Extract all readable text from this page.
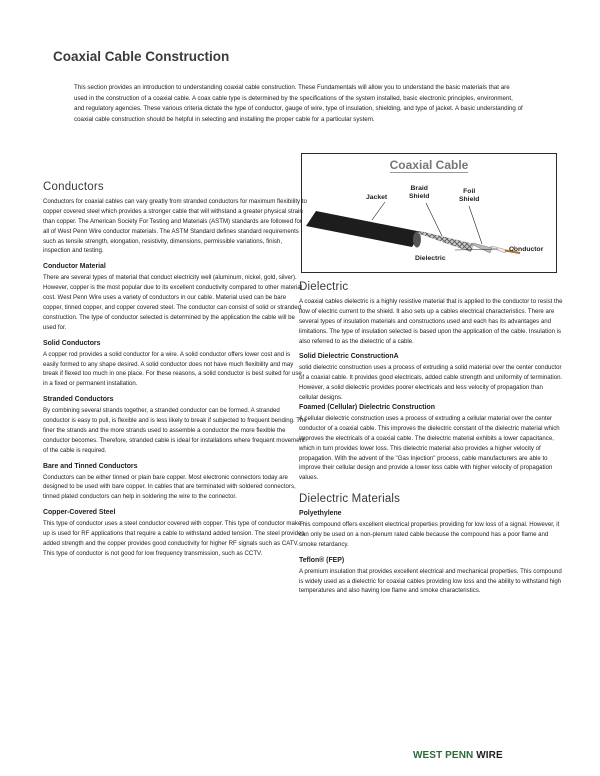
Coaxial Cable Construction

This section provides an introduction to understanding coaxial cable construction. These Fundamentals will allow you to understand the basic materials that are used in the construction of a coaxial cable. A coax cable type is determined by the specifications of the system installed, basic electronic principles, environment, and regulatory agencies. These various criteria dictate the type of conductor, gauge of wire, type of insulation, shielding, and type of jacket. A basic understanding of coaxial cable construction should be helpful in selecting and installing the proper cable for a particular system.

Coaxial Cable
Jacket
Braid
Shield
Foil
Shield
Dielectric
Conductor
Conductors

Conductors for coaxial cables can vary greatly from stranded conductors for maximum flexibility to copper covered steel which provides a stronger cable that will withstand a greater physical strain than copper. The American Society For Testing and Materials (ASTM) standards are followed for all of West Penn Wire conductor materials. The ASTM Standard defines standard requirements such as tensile strength, elongation, resistivity, dimensions, permissible variations, finish, inspection and testing.

Conductor Material

There are several types of material that conduct electricity well (aluminum, nickel, gold, silver). However, copper is the most popular due to its excellent conductivity compared to other material cost. West Penn Wire uses a variety of conductors in our cable. Material used can be bare copper, tinned copper, and copper covered steel. The conductor can consist of solid or stranded construction. The type of conductor selected is determined by the application the cable will be used for.

Solid Conductors

A copper rod provides a solid conductor for a wire. A solid conductor offers lower cost and is easily formed to any shape desired. A solid conductor does not have much flexibility and may break if flexed too much in one place. For these reasons, a solid conductor is best suited for use in a fixed or permanent installation.

Stranded Conductors

By combining several strands together, a stranded conductor can be formed. A stranded conductor is easy to pull, is flexible and is less likely to break if subjected to frequent bending. The finer the strands and the more strands used to assemble a conductor the more flexible the conductor becomes. Therefore, stranded cable is ideal for installations where frequent movement of the cable is required.

Bare and Tinned Conductors

Conductors can be either tinned or plain bare copper. Most electronic connectors today are designed to be used with bare copper. In cables that are terminated with soldered connectors, tinned plated conductors can help in soldering the wire to the connector.

Copper-Covered Steel

This type of conductor uses a steel conductor covered with copper. This type of conductor make-up is used for RF applications that require a cable to withstand added tension. The steel provides added strength and the copper provides good conductivity for higher RF signals such as CATV. This type of conductor is not good for low frequency transmission, such as CCTV.

Dielectric

A coaxial cables dielectric is a highly resistive material that is applied to the conductor to resist the flow of electric current to the shield. It also sets up a cables electrical characteristics. There are several types of insulation materials and constructions used and each has its advantages and limitations. The type of insulation selected is based upon the application of the cable. Insulation is also referred to as the dielectric of a cable.

Solid Dielectric ConstructionA

solid dielectric construction uses a process of extruding a solid material over the center conductor of a coaxial cable. It provides good electricals, added cable strength and uniformity of termination. However, a solid dielectric provides poorer electricals and less velocity of propagation than cellular designs.

Foamed (Cellular) Dielectric Construction

A cellular dielectric construction uses a process of extruding a cellular material over the center conductor of a coaxial cable. This improves the dielectric constant of the dielectric material which improves the electricals of a coaxial cable. The dielectric material exhibits a lower capacitance, which in turn provides lower loss. This dielectric material also provides a higher velocity of propagation. With the advent of the "Gas Injection" process, cable manufacturers are able to improve their cellular design and provide a lower loss cable with higher velocity of propagation values.

Dielectric Materials
Polyethylene

This compound offers excellent electrical properties providing for low loss of a signal. However, it can only be used on a non-plenum rated cable because the compound has a poor flame and smoke retardancy.

Teflon® (FEP)

A premium insulation that provides excellent electrical and mechanical properties. This compound is widely used as a dielectric for coaxial cables providing low loss and the ability to withstand high temperatures and also having low flame and smoke characteristics.

WEST PENN WIRE
